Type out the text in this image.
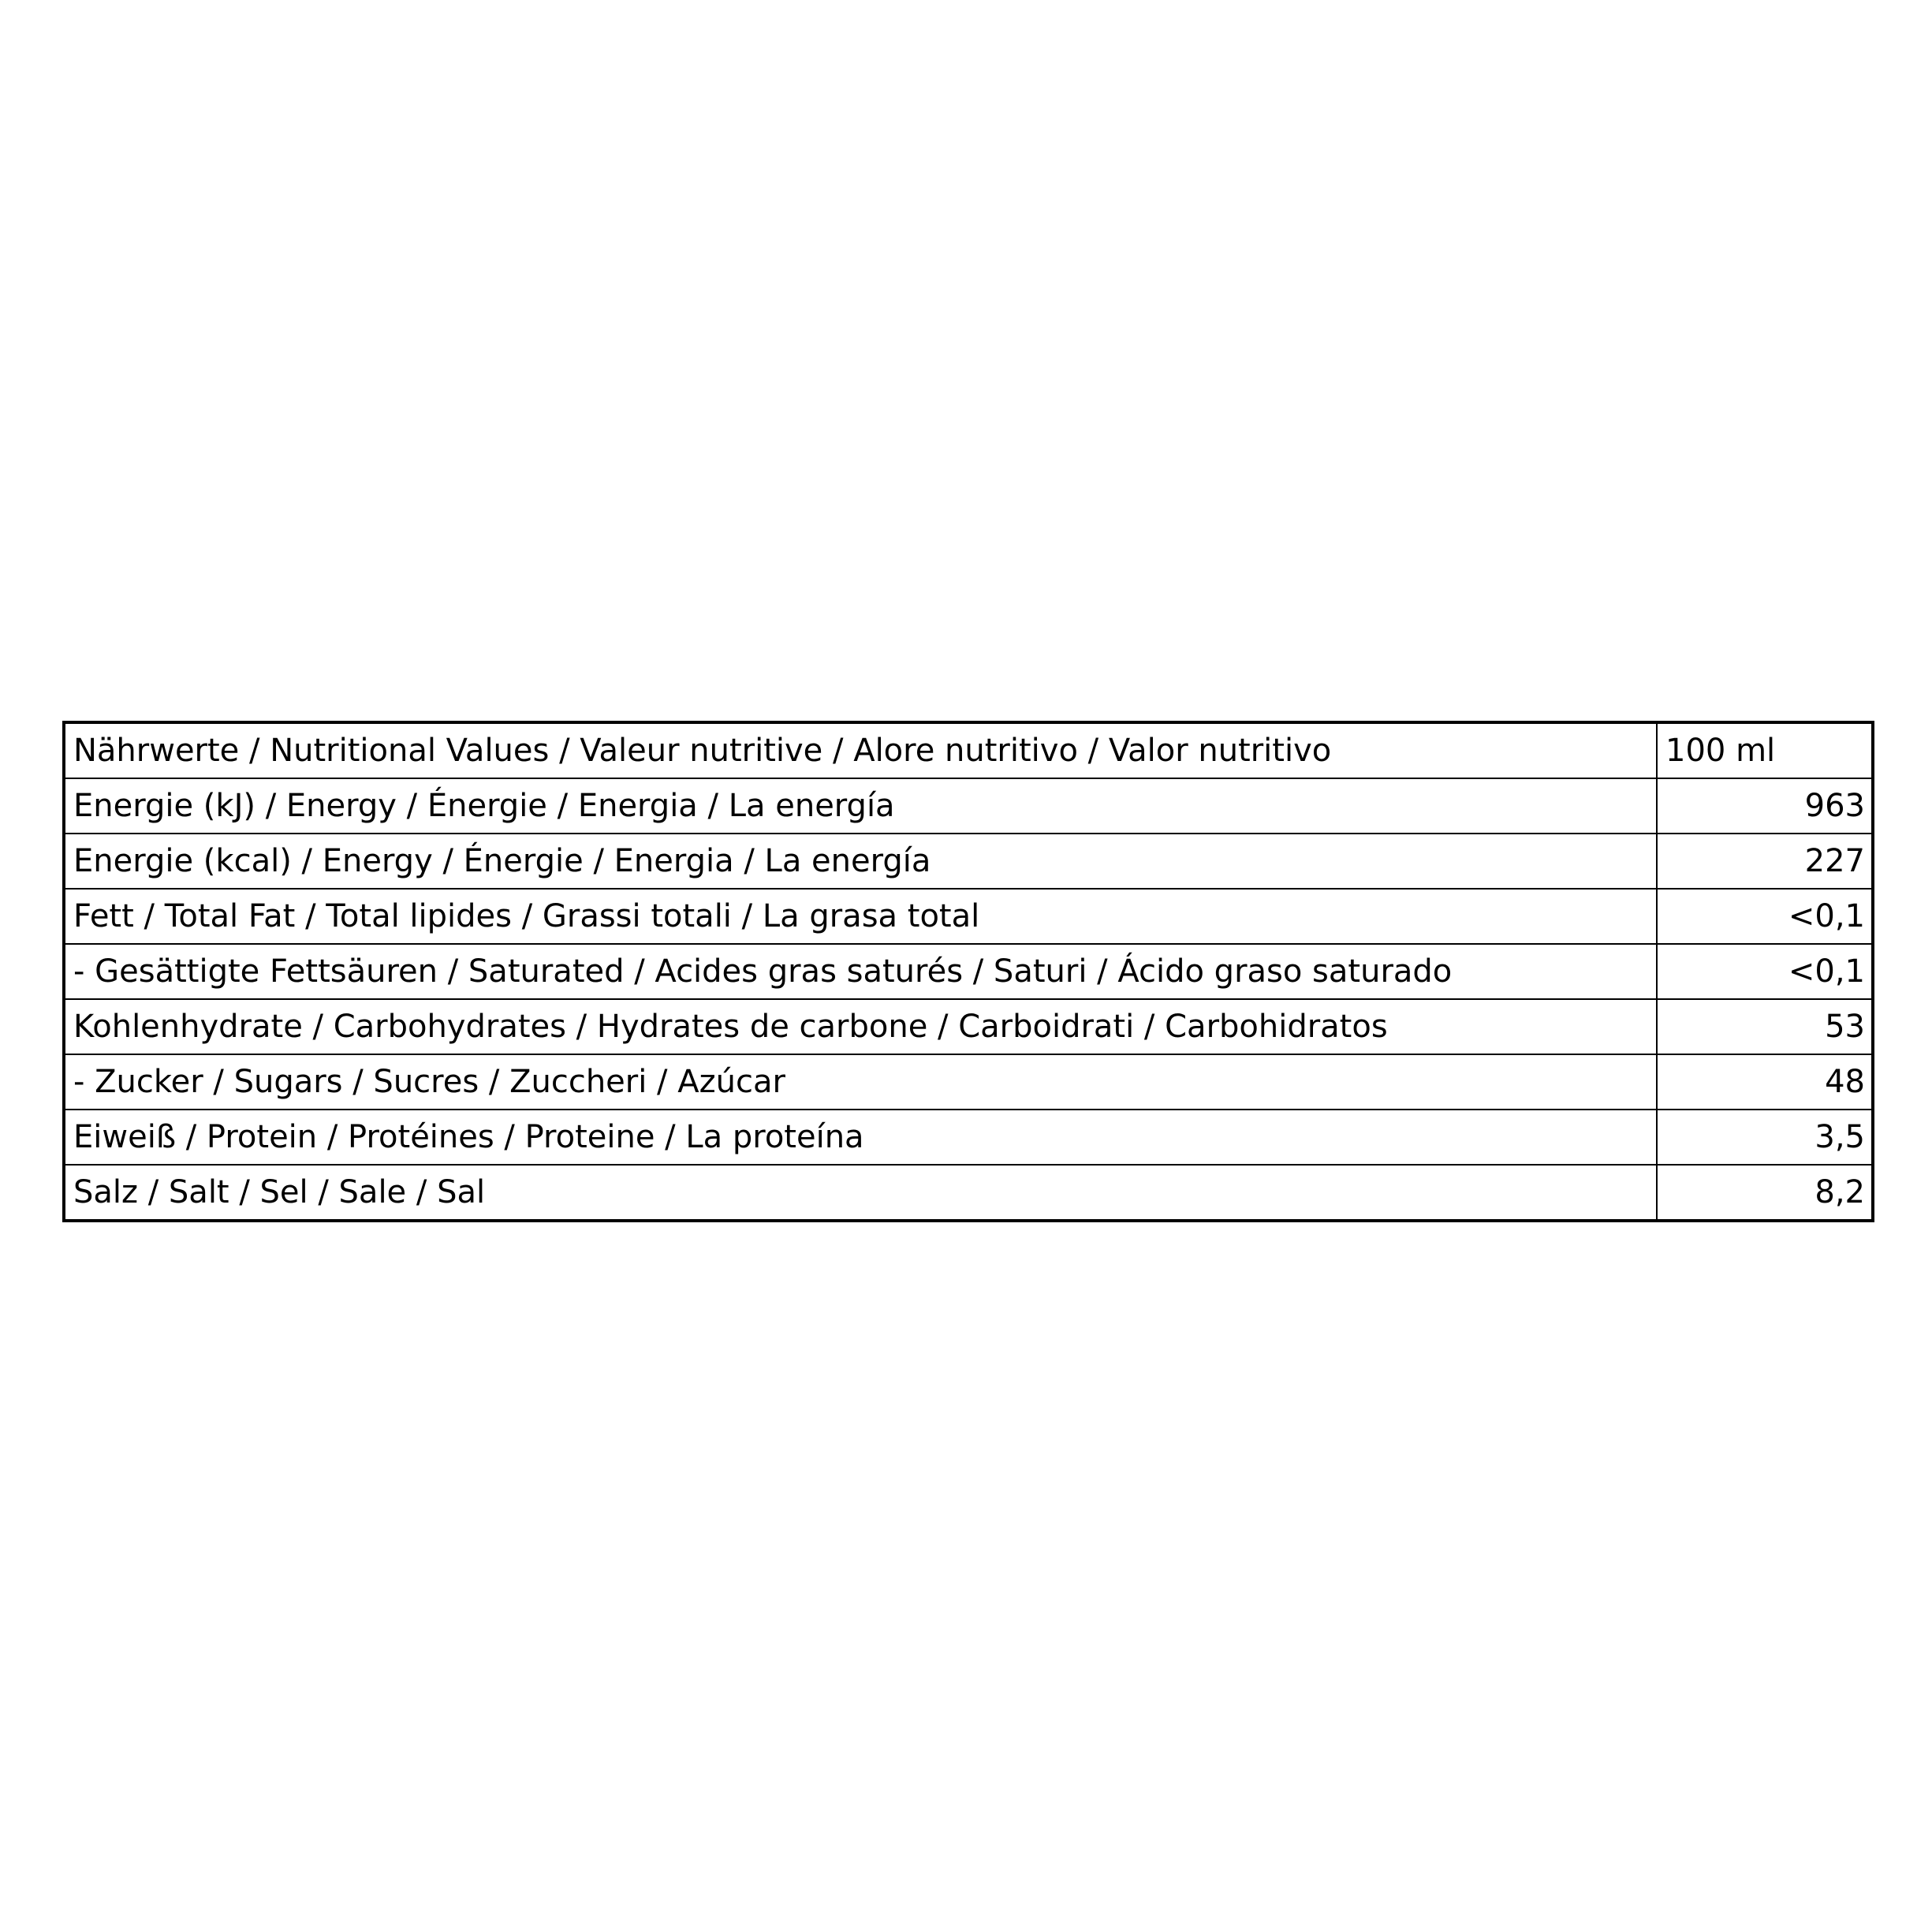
Nährwerte / Nutritional Values / Valeur nutritive / Alore nutritivo / Valor nutritivo	100 ml
Energie (kJ) / Energy / Énergie / Energia / La energía	963
Energie (kcal) / Energy / Énergie / Energia / La energía	227
Fett / Total Fat / Total lipides / Grassi totali / La grasa total	<0,1
- Gesättigte Fettsäuren / Saturated / Acides gras saturés / Saturi / Ácido graso saturado	<0,1
Kohlenhydrate / Carbohydrates / Hydrates de carbone / Carboidrati / Carbohidratos	53
- Zucker / Sugars / Sucres / Zuccheri / Azúcar	48
Eiweiß / Protein / Protéines / Proteine / La proteína	3,5
Salz / Salt / Sel / Sale / Sal	8,2
